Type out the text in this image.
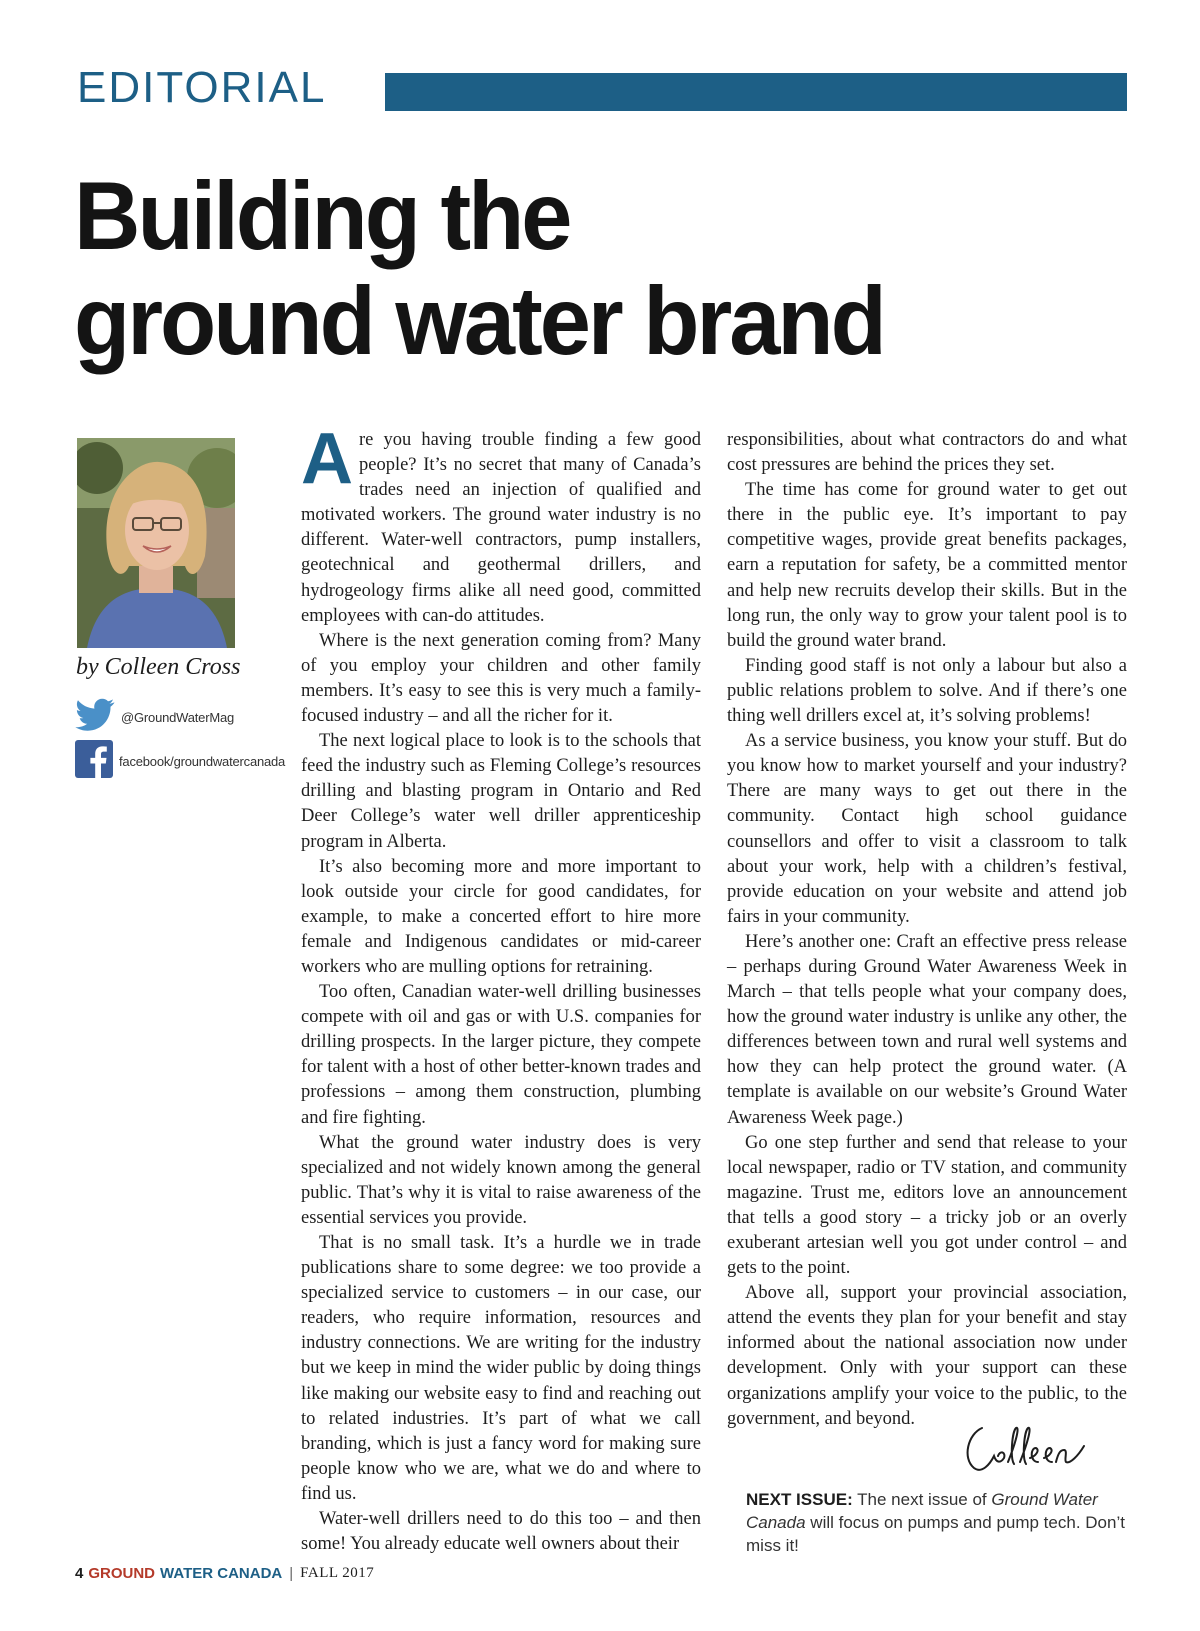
EDITORIAL
Building the
ground water brand
by Colleen Cross
@GroundWaterMag
facebook/groundwatercanada

Are you having trouble finding a few good people? It’s no secret that many of Canada’s trades need an injection of qualified and motivated workers. The ground water industry is no different. Water-well contractors, pump installers, geotechnical and geothermal drillers, and hydrogeology firms alike all need good, committed employees with can-do attitudes.

Where is the next generation coming from? Many of you employ your children and other family members. It’s easy to see this is very much a family-focused industry – and all the richer for it.

The next logical place to look is to the schools that feed the industry such as Fleming College’s resources drilling and blasting program in Ontario and Red Deer College’s water well driller apprenticeship program in Alberta.

It’s also becoming more and more important to look outside your circle for good candidates, for example, to make a concerted effort to hire more female and Indigenous candidates or mid-career workers who are mulling options for retraining.

Too often, Canadian water-well drilling businesses compete with oil and gas or with U.S. companies for drilling prospects. In the larger picture, they compete for talent with a host of other better-known trades and professions – among them construction, plumbing and fire fighting.

What the ground water industry does is very specialized and not widely known among the general public. That’s why it is vital to raise awareness of the essential services you provide.

That is no small task. It’s a hurdle we in trade publications share to some degree: we too provide a specialized service to customers – in our case, our readers, who require information, resources and industry connections. We are writing for the industry but we keep in mind the wider public by doing things like making our website easy to find and reaching out to related industries. It’s part of what we call branding, which is just a fancy word for making sure people know who we are, what we do and where to find us.

Water-well drillers need to do this too – and then some! You already educate well owners about their

responsibilities, about what contractors do and what cost pressures are behind the prices they set.

The time has come for ground water to get out there in the public eye. It’s important to pay competitive wages, provide great benefits packages, earn a reputation for safety, be a committed mentor and help new recruits develop their skills. But in the long run, the only way to grow your talent pool is to build the ground water brand.

Finding good staff is not only a labour but also a public relations problem to solve. And if there’s one thing well drillers excel at, it’s solving problems!

As a service business, you know your stuff. But do you know how to market yourself and your industry? There are many ways to get out there in the community. Contact high school guidance counsellors and offer to visit a classroom to talk about your work, help with a children’s festival, provide education on your website and attend job fairs in your community.

Here’s another one: Craft an effective press release – perhaps during Ground Water Awareness Week in March – that tells people what your company does, how the ground water industry is unlike any other, the differences between town and rural well systems and how they can help protect the ground water. (A template is available on our website’s Ground Water Awareness Week page.)

Go one step further and send that release to your local newspaper, radio or TV station, and community magazine. Trust me, editors love an announcement that tells a good story – a tricky job or an overly exuberant artesian well you got under control – and gets to the point.

Above all, support your provincial association, attend the events they plan for your benefit and stay informed about the national association now under development. Only with your support can these organizations amplify your voice to the public, to the government, and beyond.

NEXT ISSUE: The next issue of Ground Water Canada will focus on pumps and pump tech. Don’t miss it!
4 GROUND WATER CANADA | FALL 2017
